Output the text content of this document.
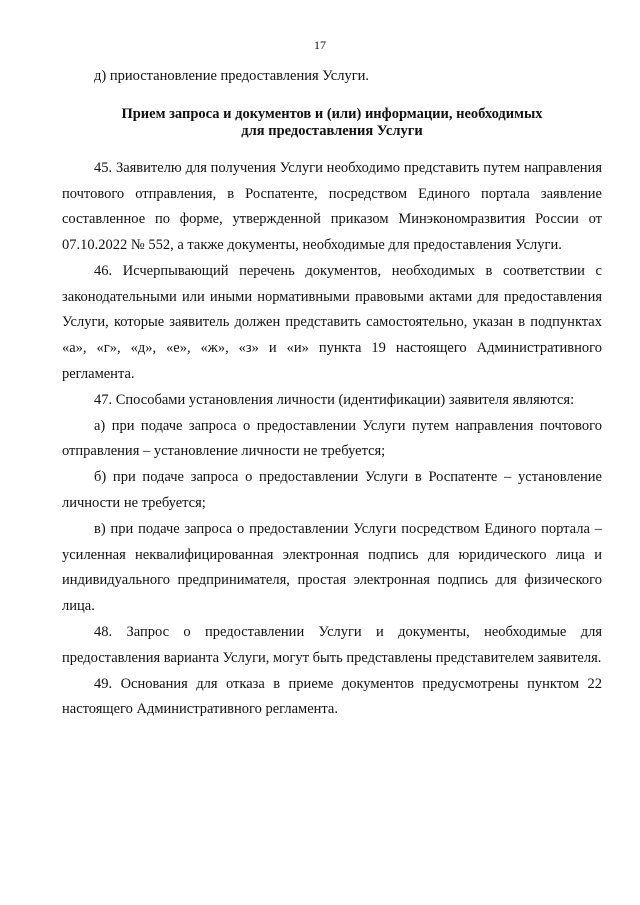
17

д) приостановление предоставления Услуги.

Прием запроса и документов и (или) информации, необходимых
для предоставления Услуги

45. Заявителю для получения Услуги необходимо представить путем направления почтового отправления, в Роспатенте, посредством Единого портала заявление составленное по форме, утвержденной приказом Минэкономразвития России от 07.10.2022 № 552, а также документы, необходимые для предоставления Услуги.

46. Исчерпывающий перечень документов, необходимых в соответствии с законодательными или иными нормативными правовыми актами для предоставления Услуги, которые заявитель должен представить самостоятельно, указан в подпунктах «а», «г», «д», «е», «ж», «з» и «и» пункта 19 настоящего Административного регламента.

47. Способами установления личности (идентификации) заявителя являются:

а) при подаче запроса о предоставлении Услуги путем направления почтового отправления – установление личности не требуется;

б) при подаче запроса о предоставлении Услуги в Роспатенте – установление личности не требуется;

в) при подаче запроса о предоставлении Услуги посредством Единого портала – усиленная неквалифицированная электронная подпись для юридического лица и индивидуального предпринимателя, простая электронная подпись для физического лица.

48. Запрос о предоставлении Услуги и документы, необходимые для предоставления варианта Услуги, могут быть представлены представителем заявителя.

49. Основания для отказа в приеме документов предусмотрены пунктом 22 настоящего Административного регламента.
